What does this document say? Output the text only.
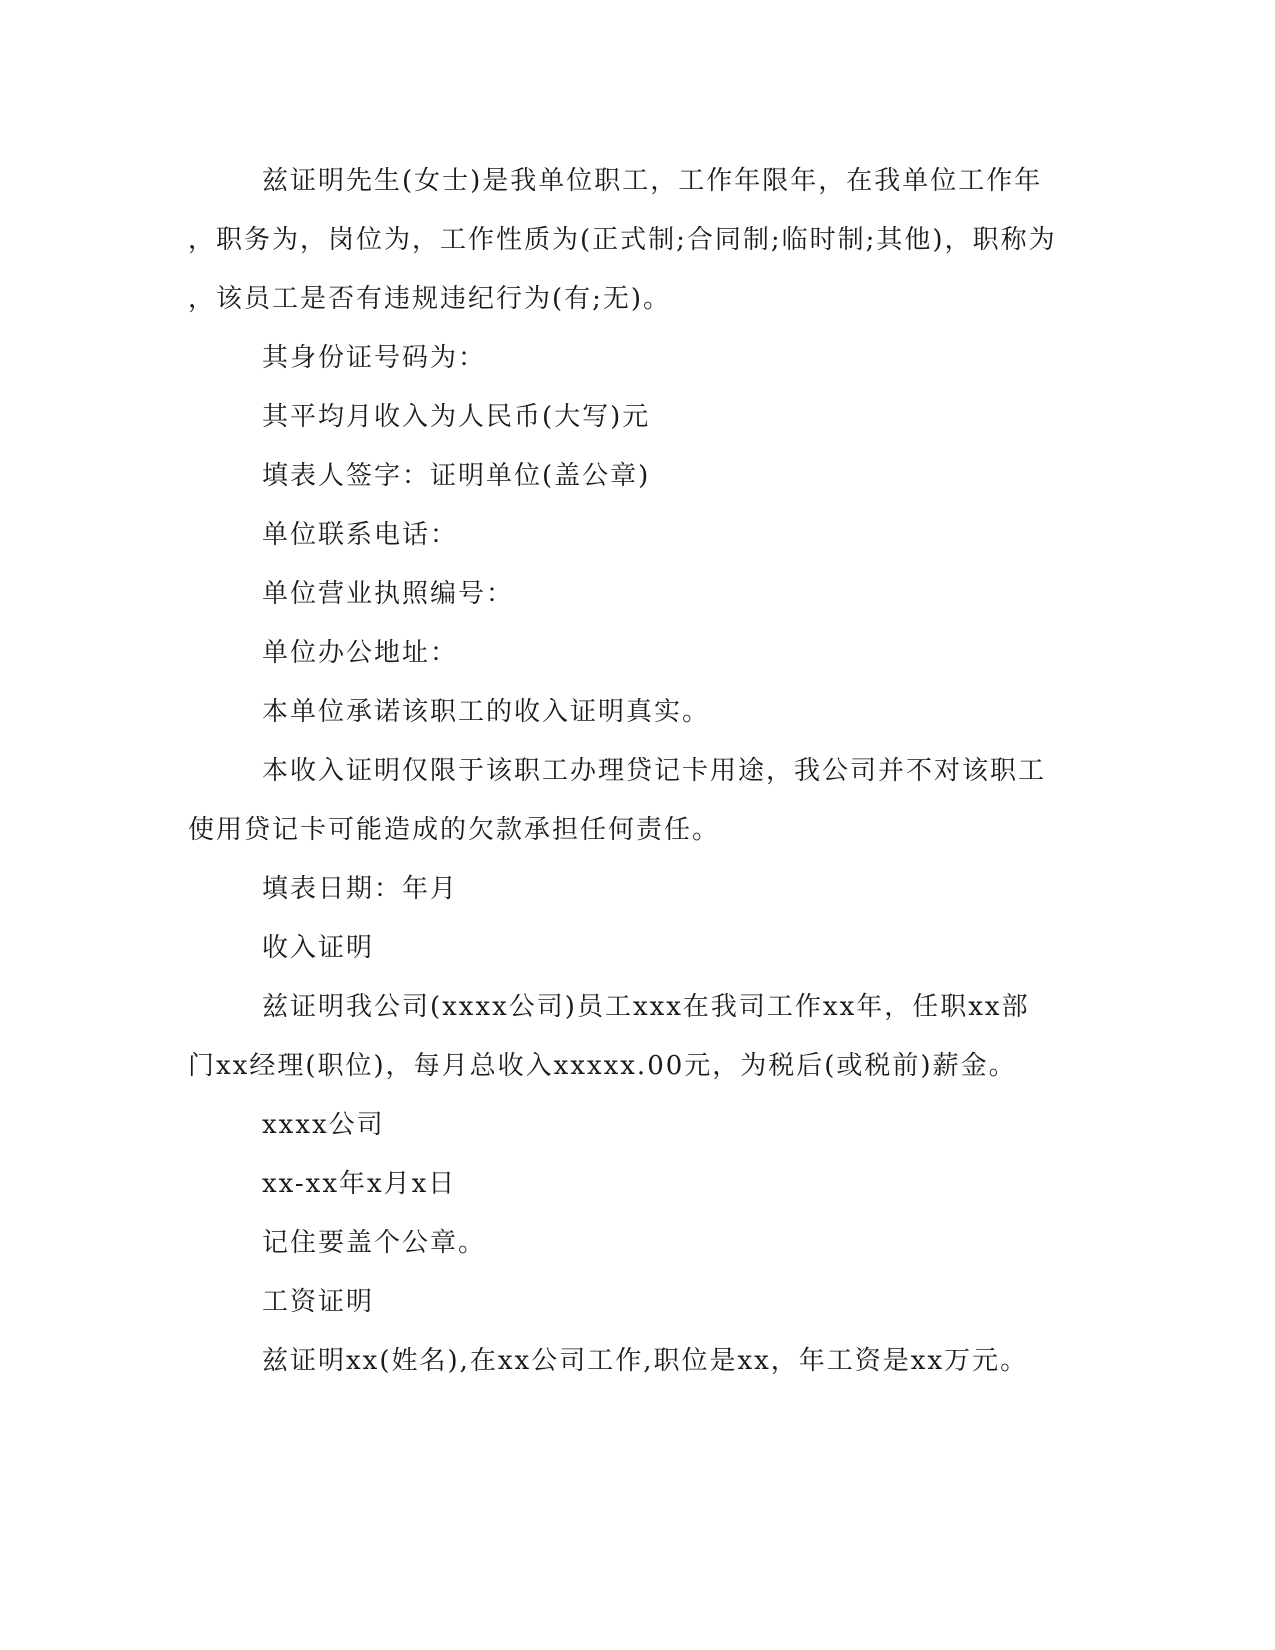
兹证明先生(女士)是我单位职工，工作年限年，在我单位工作年
，职务为，岗位为，工作性质为(正式制;合同制;临时制;其他)，职称为
，该员工是否有违规违纪行为(有;无)。
其身份证号码为：
其平均月收入为人民币(大写)元
填表人签字：证明单位(盖公章)
单位联系电话：
单位营业执照编号：
单位办公地址：
本单位承诺该职工的收入证明真实。
本收入证明仅限于该职工办理贷记卡用途，我公司并不对该职工
使用贷记卡可能造成的欠款承担任何责任。
填表日期：年月
收入证明
兹证明我公司(xxxx公司)员工xxx在我司工作xx年，任职xx部
门xx经理(职位)，每月总收入xxxxx.00元，为税后(或税前)薪金。
xxxx公司
xx-xx年x月x日
记住要盖个公章。
工资证明
兹证明xx(姓名),在xx公司工作,职位是xx，年工资是xx万元。
